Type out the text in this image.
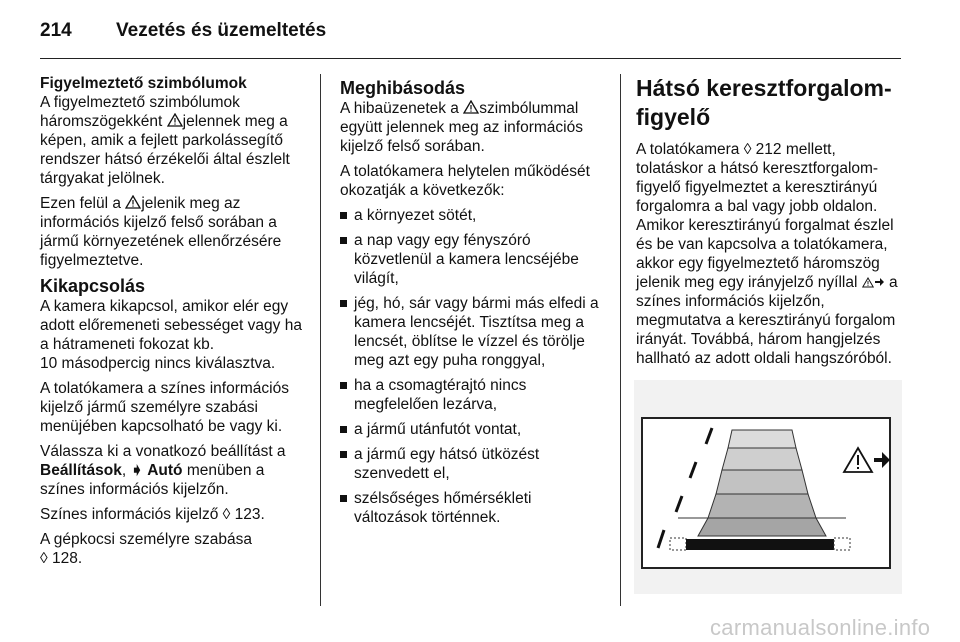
214 Vezetés és üzemeltetés
Figyelmeztető szimbólumok
A figyelmeztető szimbólumok háromszögekként jelennek meg a képen, amik a fejlett parkolássegítő rendszer hátsó érzékelői által észlelt tárgyakat jelölnek.
Ezen felül a jelenik meg az információs kijelző felső sorában a jármű környezetének ellenőrzésére figyelmeztetve.
Kikapcsolás
A kamera kikapcsol, amikor elér egy adott előremeneti sebességet vagy ha a hátrameneti fokozat kb.
10 másodpercig nincs kiválasztva.
A tolatókamera a színes információs kijelző jármű személyre szabási menüjében kapcsolható be vagy ki.
Válassza ki a vonatkozó beállítást a Beállítások, ➧ Autó menüben a színes információs kijelzőn.
Színes információs kijelző ◊ 123.
A gépkocsi személyre szabása
◊ 128.
Meghibásodás
A hibaüzenetek a szimbólummal együtt jelennek meg az információs kijelző felső sorában.
A tolatókamera helytelen működését okozatják a következők:
a környezet sötét,
a nap vagy egy fényszóró közvetlenül a kamera lencséjébe világít,
jég, hó, sár vagy bármi más elfedi a kamera lencséjét. Tisztítsa meg a lencsét, öblítse le vízzel és törölje meg azt egy puha ronggyal,
ha a csomagtérajtó nincs megfelelően lezárva,
a jármű utánfutót vontat,
a jármű egy hátsó ütközést szenvedett el,
szélsőséges hőmérsékleti változások történnek.
Hátsó keresztforgalom-figyelő
A tolatókamera ◊ 212 mellett, tolatáskor a hátsó keresztforgalom-figyelő figyelmeztet a keresztirányú forgalomra a bal vagy jobb oldalon. Amikor keresztirányú forgalmat észlel és be van kapcsolva a tolatókamera, akkor egy figyelmeztető háromszög jelenik meg egy irányjelző nyíllal  a színes információs kijelzőn, megmutatva a keresztirányú forgalom irányát. Továbbá, három hangjelzés hallható az adott oldali hangszóróból.
carmanualsonline.info
